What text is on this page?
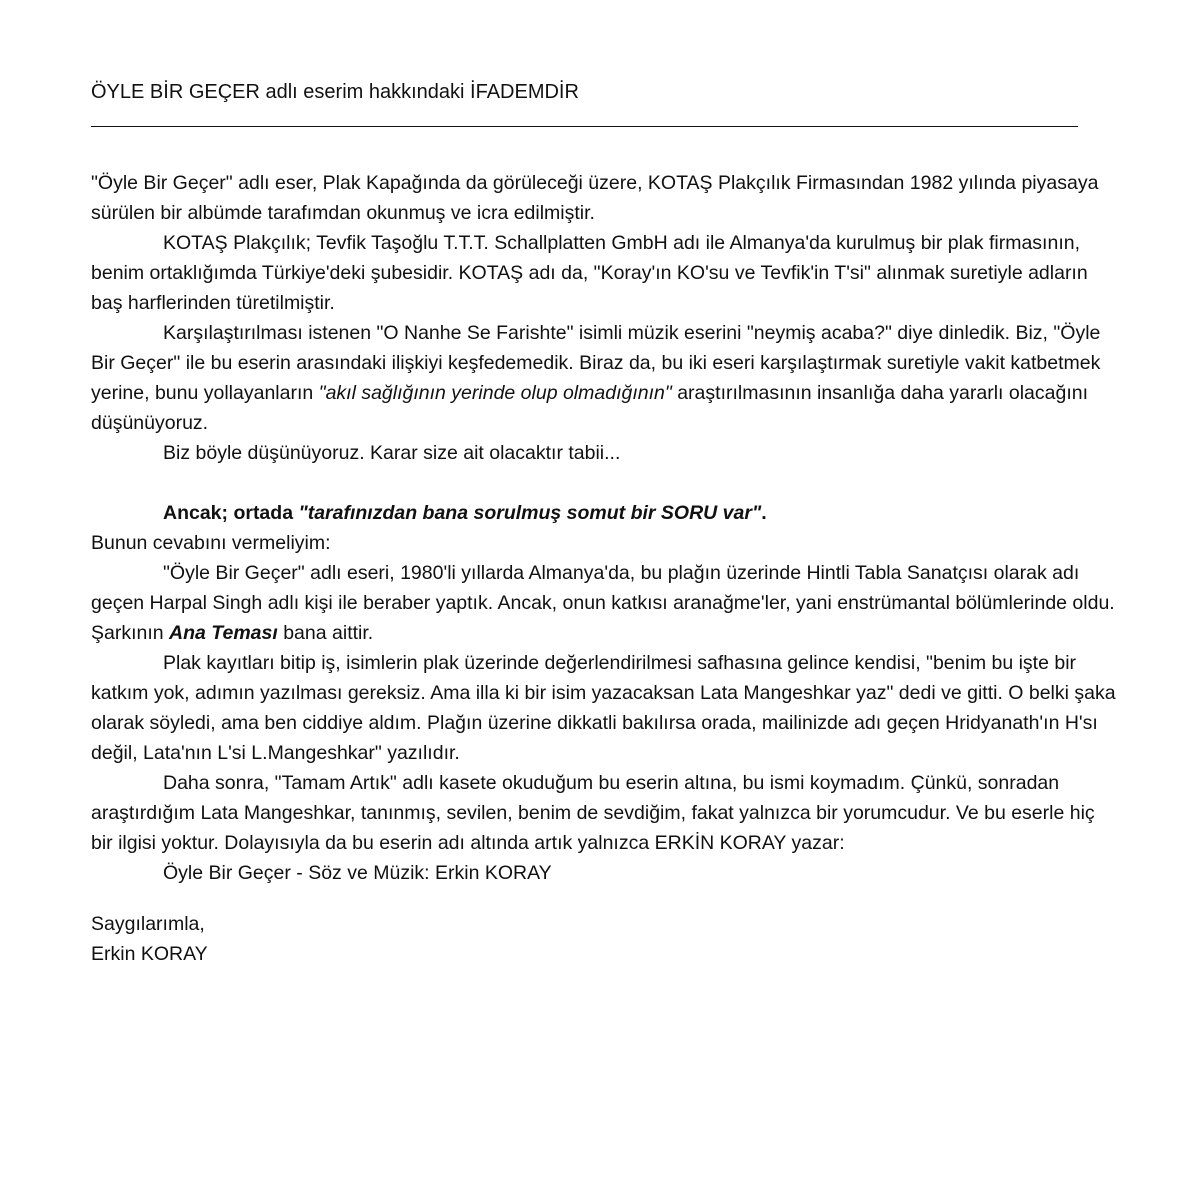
ÖYLE BİR GEÇER adlı eserim hakkındaki İFADEMDİR

"Öyle Bir Geçer" adlı eser, Plak Kapağında da görüleceği üzere, KOTAŞ Plakçılık Firmasından 1982 yılında piyasaya sürülen bir albümde tarafımdan okunmuş ve icra edilmiştir.

KOTAŞ Plakçılık; Tevfik Taşoğlu T.T.T. Schallplatten GmbH adı ile Almanya'da kurulmuş bir plak firmasının, benim ortaklığımda Türkiye'deki şubesidir. KOTAŞ adı da, "Koray'ın KO'su ve Tevfik'in T'si" alınmak suretiyle adların baş harflerinden türetilmiştir.

Karşılaştırılması istenen "O Nanhe Se Farishte" isimli müzik eserini "neymiş acaba?" diye dinledik. Biz, "Öyle Bir Geçer" ile bu eserin arasındaki ilişkiyi keşfedemedik. Biraz da, bu iki eseri karşılaştırmak suretiyle vakit katbetmek yerine, bunu yollayanların "akıl sağlığının yerinde olup olmadığının" araştırılmasının insanlığa daha yararlı olacağını düşünüyoruz.

Biz böyle düşünüyoruz. Karar size ait olacaktır tabii...

Ancak; ortada "tarafınızdan bana sorulmuş somut bir SORU var".

Bunun cevabını vermeliyim:

"Öyle Bir Geçer" adlı eseri, 1980'li yıllarda Almanya'da, bu plağın üzerinde Hintli Tabla Sanatçısı olarak adı geçen Harpal Singh adlı kişi ile beraber yaptık. Ancak, onun katkısı aranağme'ler, yani enstrümantal bölümlerinde oldu. Şarkının Ana Teması bana aittir.

Plak kayıtları bitip iş, isimlerin plak üzerinde değerlendirilmesi safhasına gelince kendisi, "benim bu işte bir katkım yok, adımın yazılması gereksiz. Ama illa ki bir isim yazacaksan Lata Mangeshkar yaz" dedi ve gitti. O belki şaka olarak söyledi, ama ben ciddiye aldım. Plağın üzerine dikkatli bakılırsa orada, mailinizde adı geçen Hridyanath'ın H'sı değil, Lata'nın L'si L.Mangeshkar" yazılıdır.

Daha sonra, "Tamam Artık" adlı kasete okuduğum bu eserin altına, bu ismi koymadım. Çünkü, sonradan araştırdığım Lata Mangeshkar, tanınmış, sevilen, benim de sevdiğim, fakat yalnızca bir yorumcudur. Ve bu eserle hiç bir ilgisi yoktur. Dolayısıyla da bu eserin adı altında artık yalnızca ERKİN KORAY yazar:

Öyle Bir Geçer - Söz ve Müzik: Erkin KORAY

Saygılarımla,

Erkin KORAY
